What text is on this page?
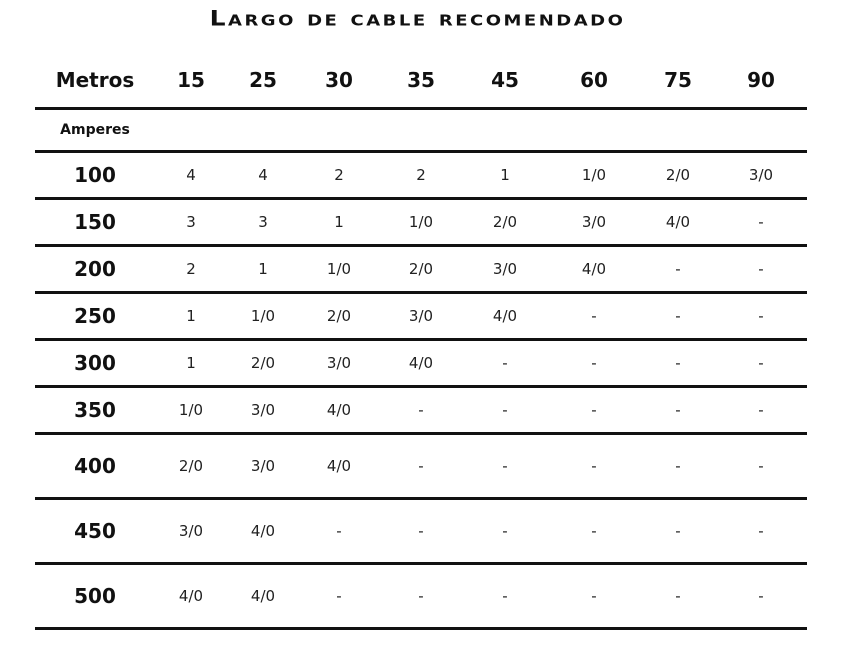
Largo de cable recomendado
Metros	15	25	30	35	45	60	75	90
Amperes								
100	4	4	2	2	1	1/0	2/0	3/0
150	3	3	1	1/0	2/0	3/0	4/0	-
200	2	1	1/0	2/0	3/0	4/0	-	-
250	1	1/0	2/0	3/0	4/0	-	-	-
300	1	2/0	3/0	4/0	-	-	-	-
350	1/0	3/0	4/0	-	-	-	-	-
400	2/0	3/0	4/0	-	-	-	-	-
450	3/0	4/0	-	-	-	-	-	-
500	4/0	4/0	-	-	-	-	-	-
